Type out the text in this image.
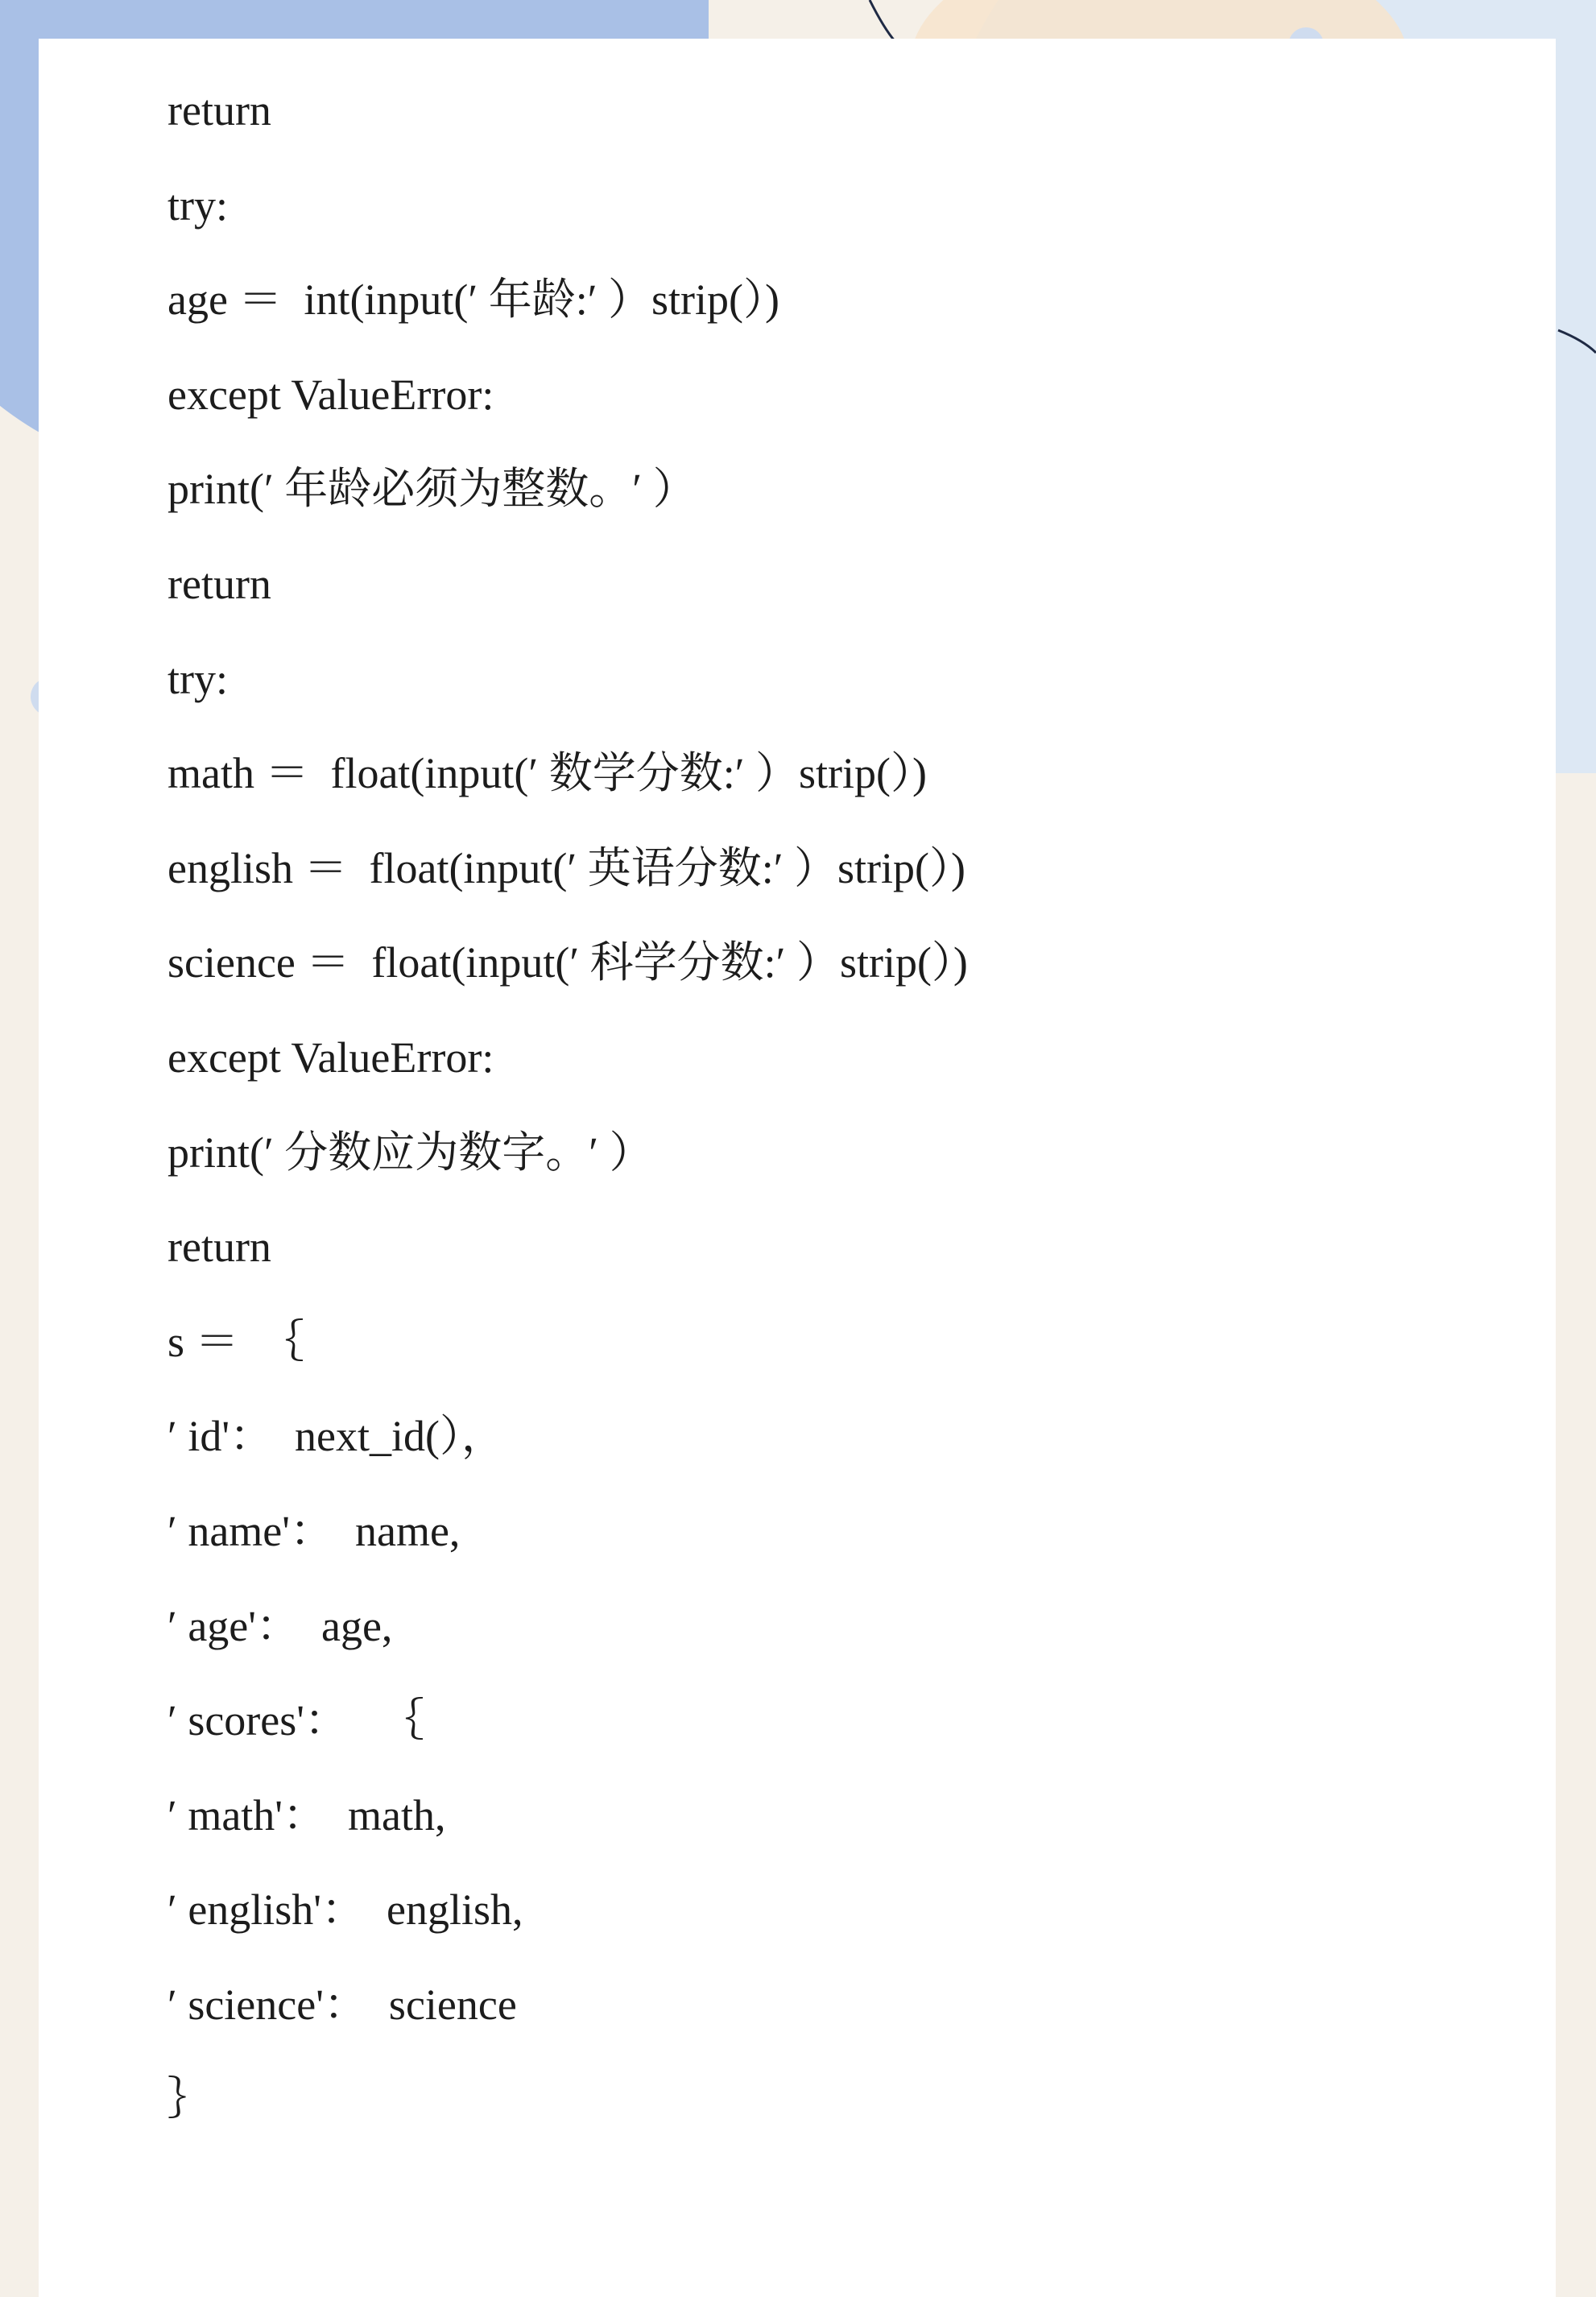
return
try:
age ＝  int(input(′ 年龄:′ ）strip(）)
except ValueError:
print(′ 年龄必须为整数。′ ）
return
try:
math ＝  float(input(′ 数学分数:′ ）strip(）)
english ＝  float(input(′ 英语分数:′ ）strip(）)
science ＝  float(input(′ 科学分数:′ ）strip(）)
except ValueError:
print(′ 分数应为数字。′ ）
return
s ＝  ｛
′ id'：  next_id(），
′ name'：  name,
′ age'：  age,
′ scores'：   ｛
′ math'：  math,
′ english'：  english,
′ science'：  science
｝
